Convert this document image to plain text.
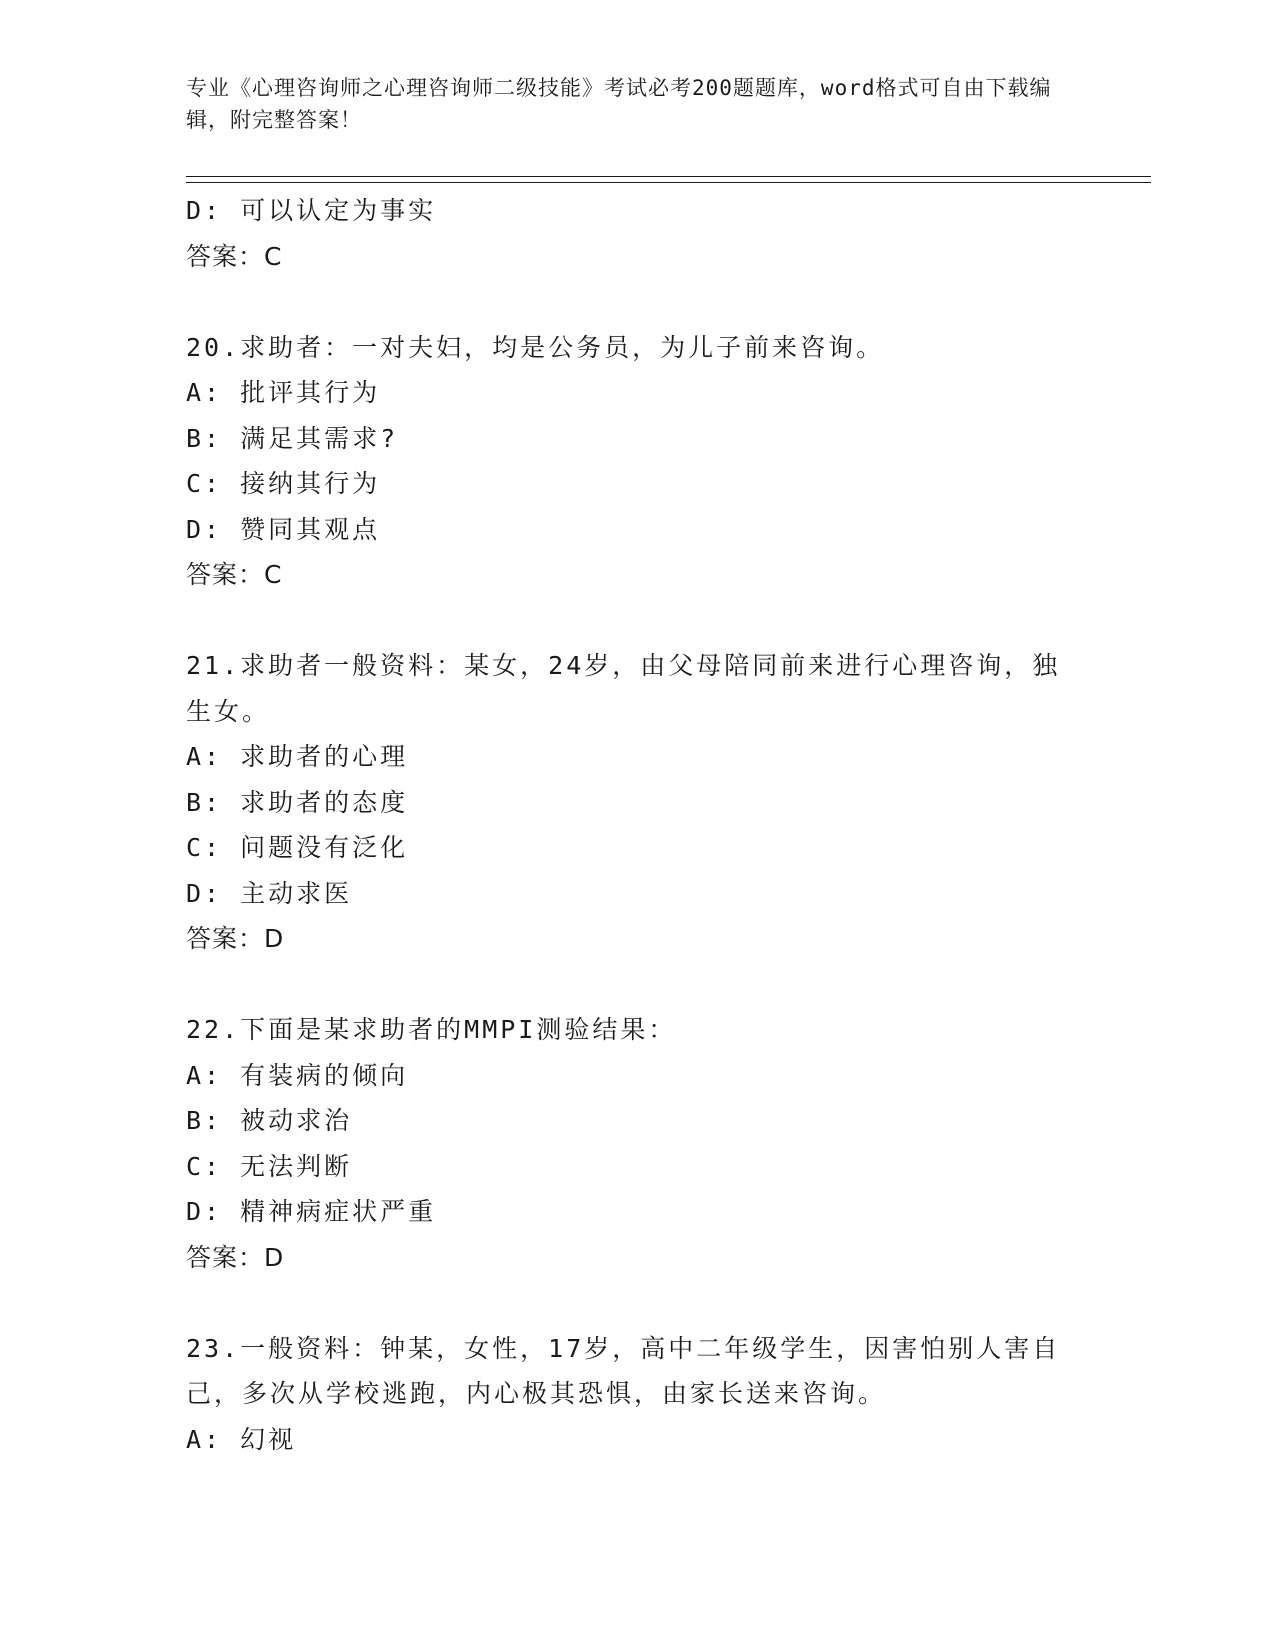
专业《心理咨询师之心理咨询师二级技能》考试必考200题题库，word格式可自由下载编辑，附完整答案！
D: 可以认定为事实
答案：C
20.求助者：一对夫妇，均是公务员，为儿子前来咨询。
A: 批评其行为
B: 满足其需求?
C: 接纳其行为
D: 赞同其观点
答案：C
21.求助者一般资料：某女，24岁，由父母陪同前来进行心理咨询，独生女。
A: 求助者的心理
B: 求助者的态度
C: 问题没有泛化
D: 主动求医
答案：D
22.下面是某求助者的MMPI测验结果：
A: 有装病的倾向
B: 被动求治
C: 无法判断
D: 精神病症状严重
答案：D
23.一般资料：钟某，女性，17岁，高中二年级学生，因害怕别人害自己，多次从学校逃跑，内心极其恐惧，由家长送来咨询。
A: 幻视
